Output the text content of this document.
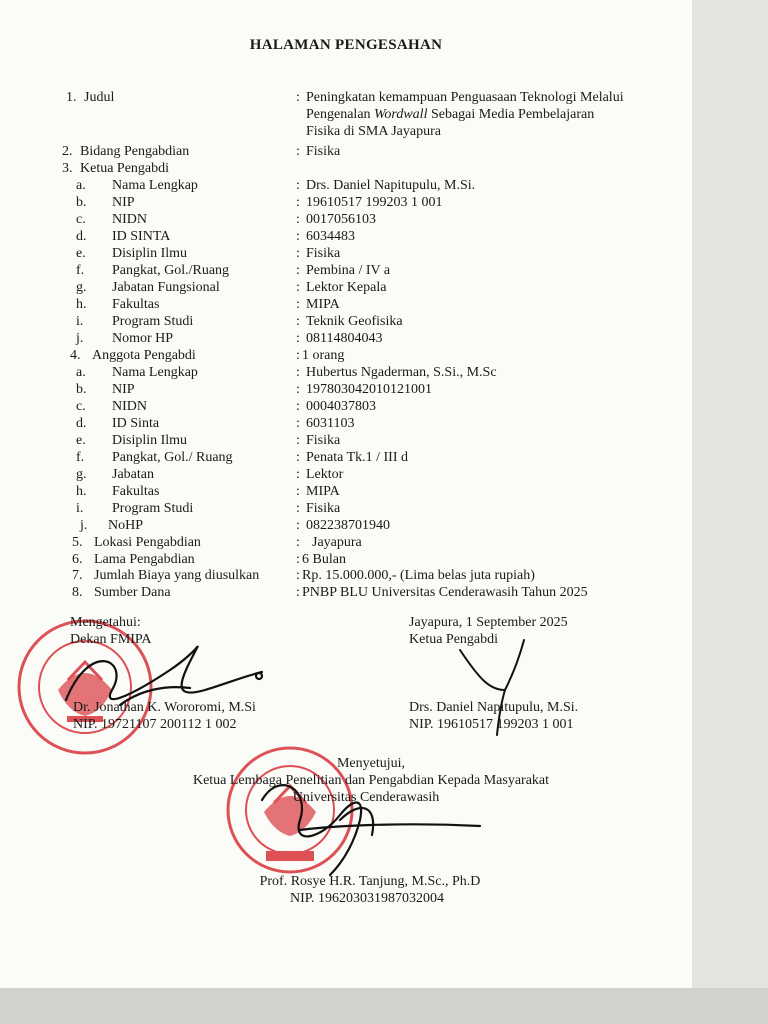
HALAMAN PENGESAHAN
1. Judul	: Peningkatan kemampuan Penguasaan Teknologi Melalui
Pengenalan Wordwall Sebagai Media Pembelajaran
Fisika di SMA Jayapura
2. Bidang Pengabdian	: Fisika
3. Ketua Pengabdi
a. Nama Lengkap	: Drs. Daniel Napitupulu, M.Si.
b. NIP	: 19610517 199203 1 001
c. NIDN	: 0017056103
d. ID SINTA	: 6034483
e. Disiplin Ilmu	: Fisika
f. Pangkat, Gol./Ruang	: Pembina / IV a
g. Jabatan Fungsional	: Lektor Kepala
h. Fakultas	: MIPA
i. Program Studi	: Teknik Geofisika
j. Nomor HP	: 08114804043
4. Anggota Pengabdi	: 1 orang
a. Nama Lengkap	: Hubertus Ngaderman, S.Si., M.Sc
b. NIP	: 197803042010121001
c. NIDN	: 0004037803
d. ID Sinta	: 6031103
e. Disiplin Ilmu	: Fisika
f. Pangkat, Gol./ Ruang	: Penata Tk.1 / III d
g. Jabatan	: Lektor
h. Fakultas	: MIPA
i. Program Studi	: Fisika
j. NoHP	: 082238701940
5. Lokasi Pengabdian	: Jayapura
6. Lama Pengabdian	: 6 Bulan
7. Jumlah Biaya yang diusulkan	: Rp. 15.000.000,- (Lima belas juta rupiah)
8. Sumber Dana	: PNBP BLU Universitas Cenderawasih Tahun 2025
Mengetahui:
Dekan FMIPA
Dr. Jonathan K. Wororomi, M.Si
NIP. 19721107 200112 1 002
Jayapura, 1 September 2025
Ketua Pengabdi
Drs. Daniel Napitupulu, M.Si.
NIP. 19610517 199203 1 001
Menyetujui,
Ketua Lembaga Penelitian dan Pengabdian Kepada Masyarakat
Universitas Cenderawasih
Prof. Rosye H.R. Tanjung, M.Sc., Ph.D
NIP. 196203031987032004
